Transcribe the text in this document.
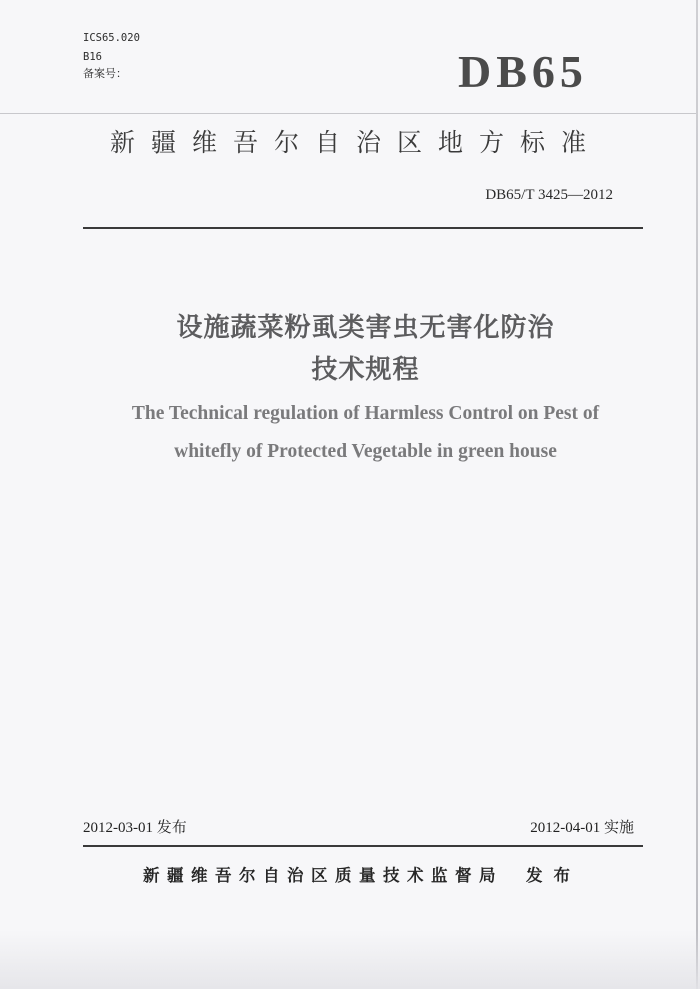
ICS65.020
B16
备案号：	DB65
新疆维吾尔自治区地方标准
DB65/T 3425—2012

设施蔬菜粉虱类害虫无害化防治

技术规程

The Technical regulation of Harmless Control on Pest of

whitefly of Protected Vegetable in green house

2012-03-01 发布	2012-04-01 实施
新疆维吾尔自治区质量技术监督局 发布
